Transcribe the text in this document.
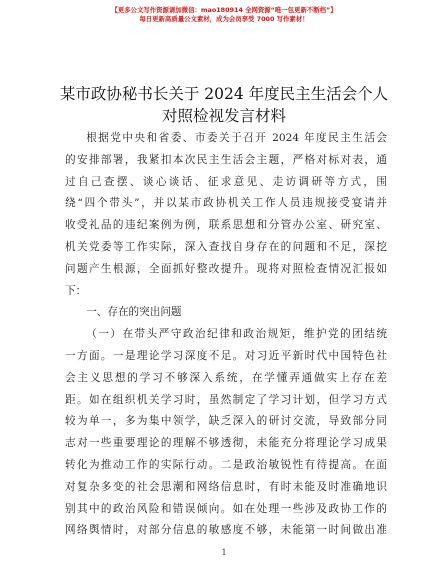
【更多公文写作资源请加微信：mao180914 全网资源“唯一包更新不断档”】
每日更新高质量公文素材，成为会员享受 7000 写作素材！
某市政协秘书长关于 2024 年度民主生活会个人
对照检视发言材料
根据党中央和省委、市委关于召开 2024 年度民主生活会
的安排部署，我紧扣本次民主生活会主题，严格对标对表，通
过自己查摆、谈心谈话、征求意见、走访调研等方式，围
绕“四个带头”，并以某市政协机关工作人员违规接受宴请并
收受礼品的违纪案例为例，联系思想和分管办公室、研究室、
机关党委等工作实际，深入查找自身存在的问题和不足，深挖
问题产生根源，全面抓好整改提升。现将对照检查情况汇报如
下：
一、存在的突出问题
（一）在带头严守政治纪律和政治规矩，维护党的团结统
一方面。一是理论学习深度不足。对习近平新时代中国特色社
会主义思想的学习不够深入系统，在学懂弄通做实上存在差
距。如在组织机关学习时，虽然制定了学习计划，但学习方式
较为单一，多为集中领学，缺乏深入的研讨交流，导致部分同
志对一些重要理论的理解不够透彻，未能充分将理论学习成果
转化为推动工作的实际行动。二是政治敏锐性有待提高。在面
对复杂多变的社会思潮和网络信息时，有时未能及时准确地识
别其中的政治风险和错误倾向。如在处理一些涉及政协工作的
网络舆情时，对部分信息的敏感度不够，未能第一时间做出准
1
